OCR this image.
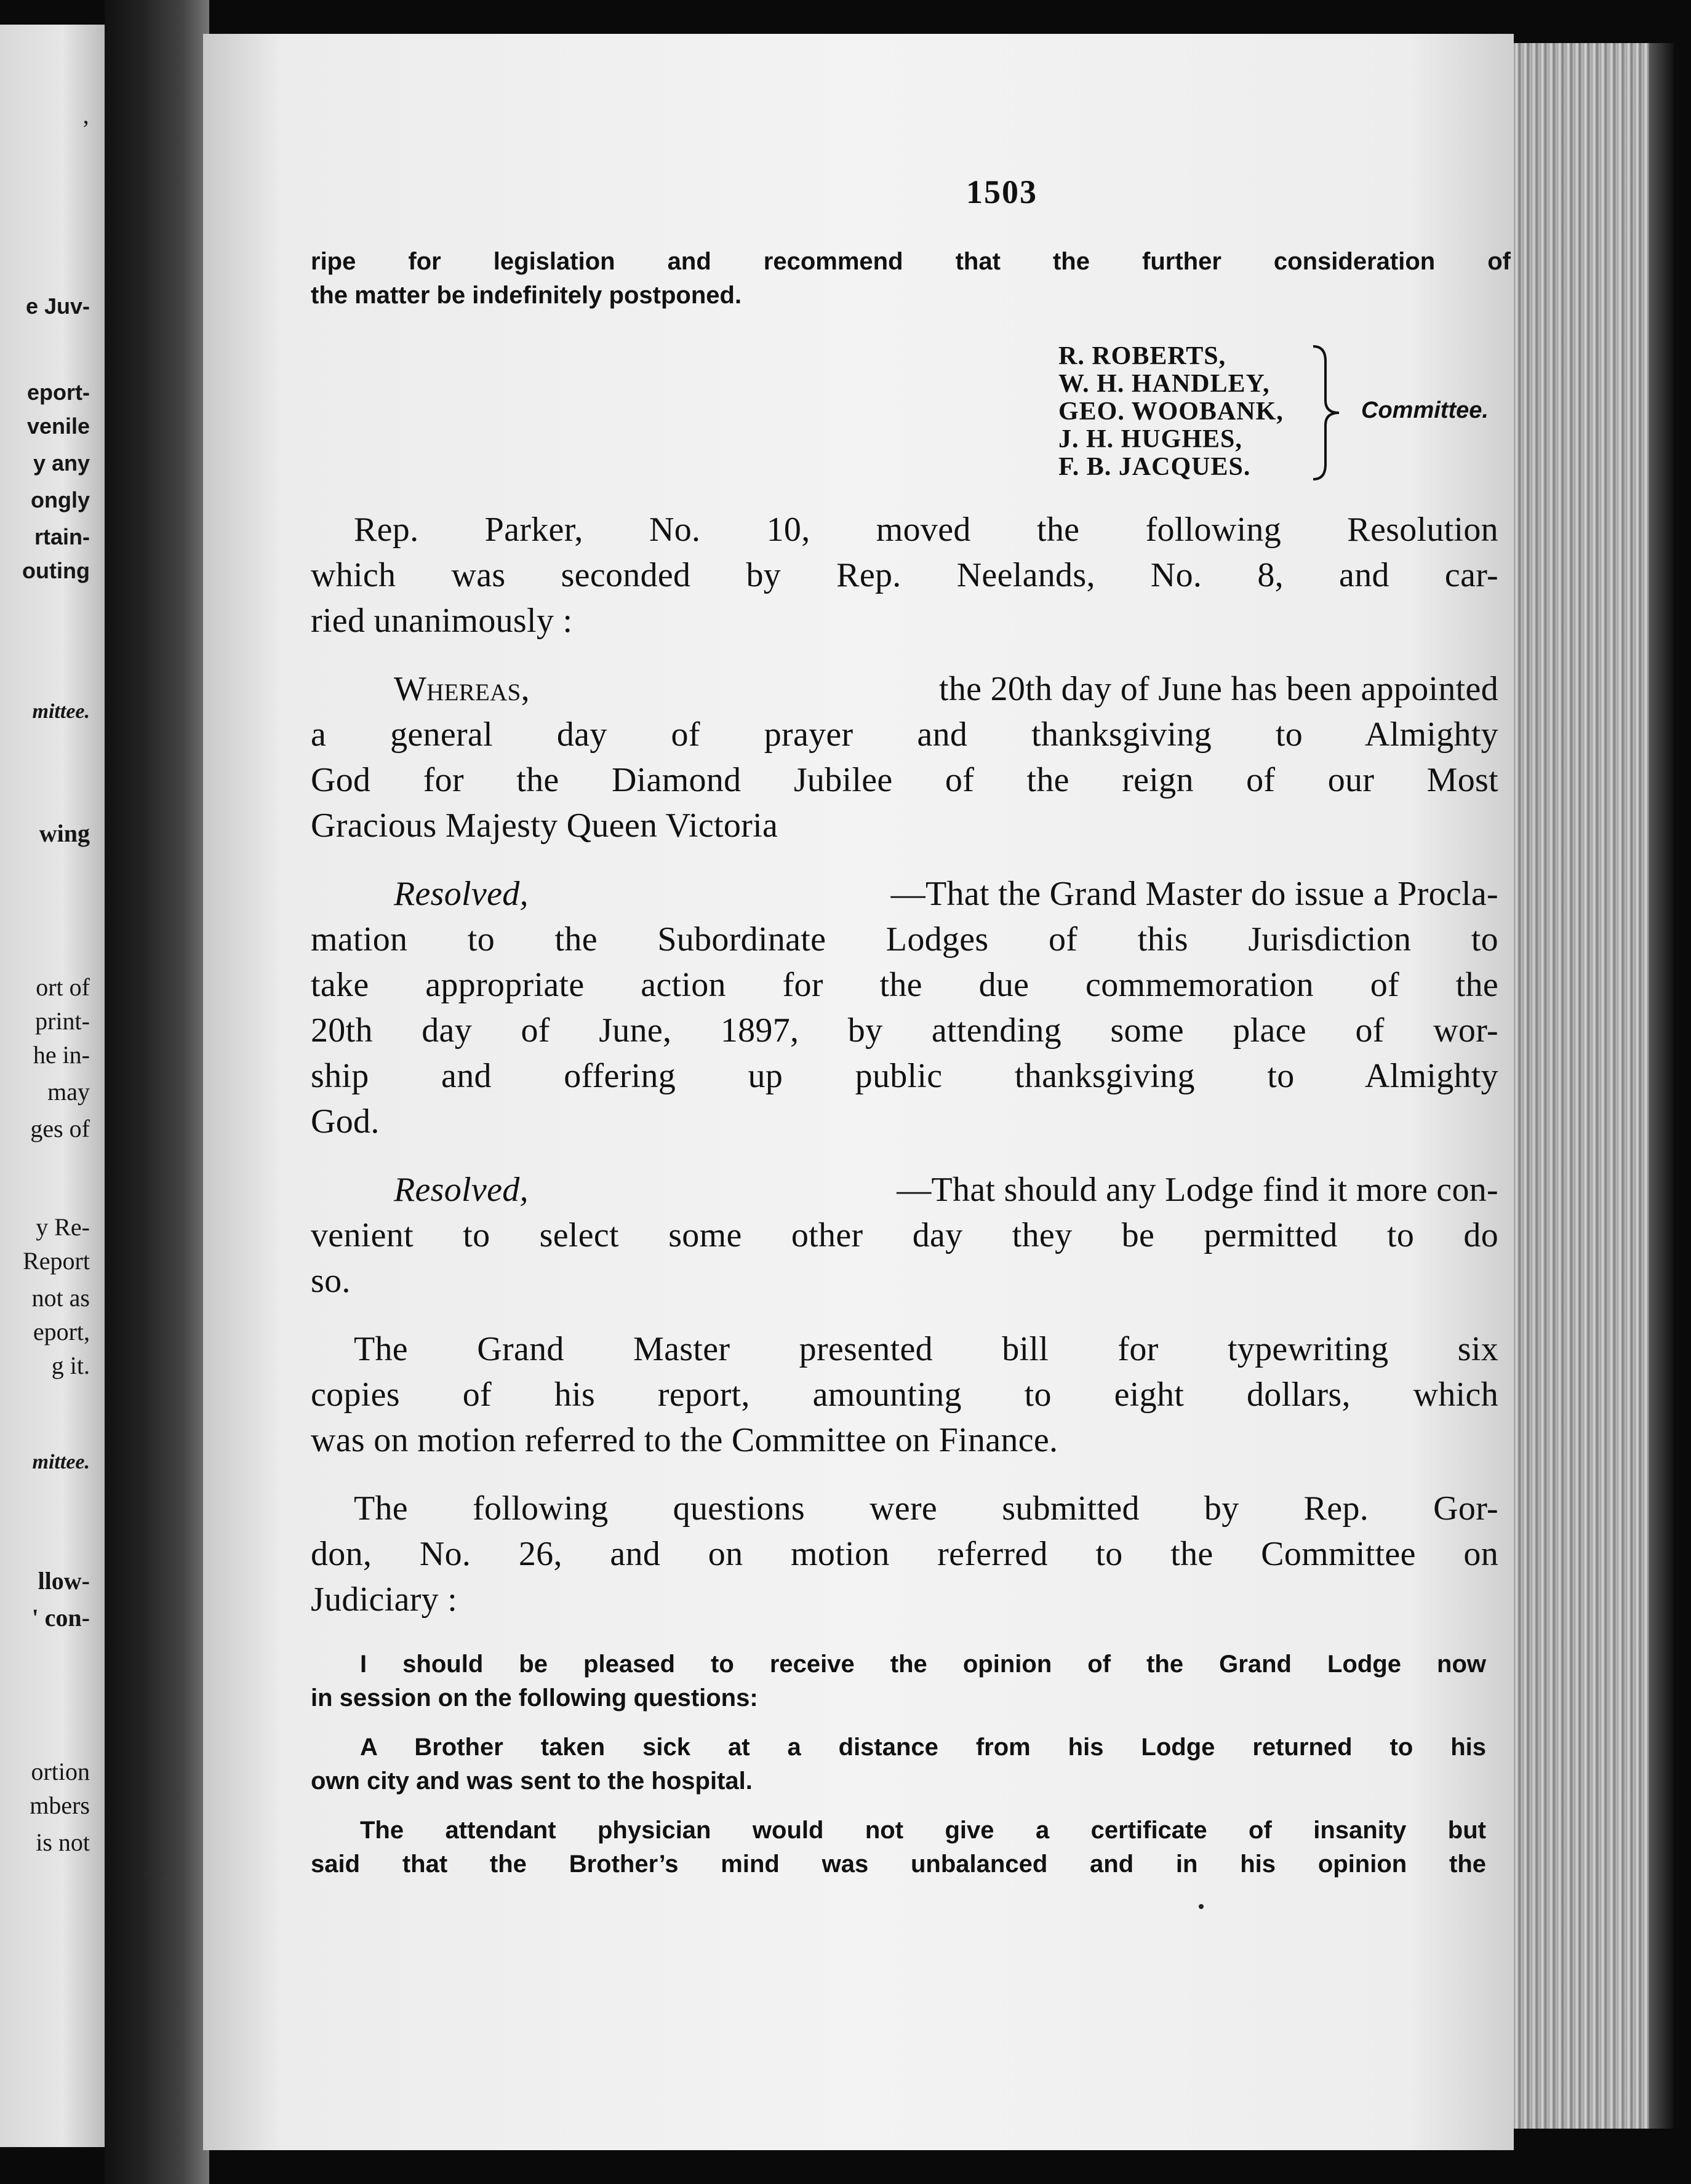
’
e Juv-
eport-
venile
y any
ongly
rtain-
outing
mittee.
wing
ort of
print-
he in-
may
ges of
y Re-
Report
not as
eport,
g it.
mittee.
llow-
' con-
ortion
mbers
is not
1503
ripe for legislation and recommend that the further consideration of
the matter be indefinitely postponed.
R. ROBERTS,
W. H. HANDLEY,
GEO. WOOBANK,
J. H. HUGHES,
F. B. JACQUES.
Committee.
Rep. Parker, No. 10, moved the following Resolution
which was seconded by Rep. Neelands, No. 8, and car-
ried unanimously :
Whereas,	the 20th day of June has been appointed
a general day of prayer and thanksgiving to Almighty
God for the Diamond Jubilee of the reign of our Most
Gracious Majesty Queen Victoria
Resolved,	—That the Grand Master do issue a Procla-
mation to the Subordinate Lodges of this Jurisdiction to
take appropriate action for the due commemoration of the
20th day of June, 1897, by attending some place of wor-
ship and offering up public thanksgiving to Almighty
God.
Resolved,	—That should any Lodge find it more con-
venient to select some other day they be permitted to do
so.
The Grand Master presented bill for typewriting six
copies of his report, amounting to eight dollars, which
was on motion referred to the Committee on Finance.
The following questions were submitted by Rep. Gor-
don, No. 26, and on motion referred to the Committee on
Judiciary :
I should be pleased to receive the opinion of the Grand Lodge now
in session on the following questions:
A Brother taken sick at a distance from his Lodge returned to his
own city and was sent to the hospital.
The attendant physician would not give a certificate of insanity but
said that the Brother’s mind was unbalanced and in his opinion the
